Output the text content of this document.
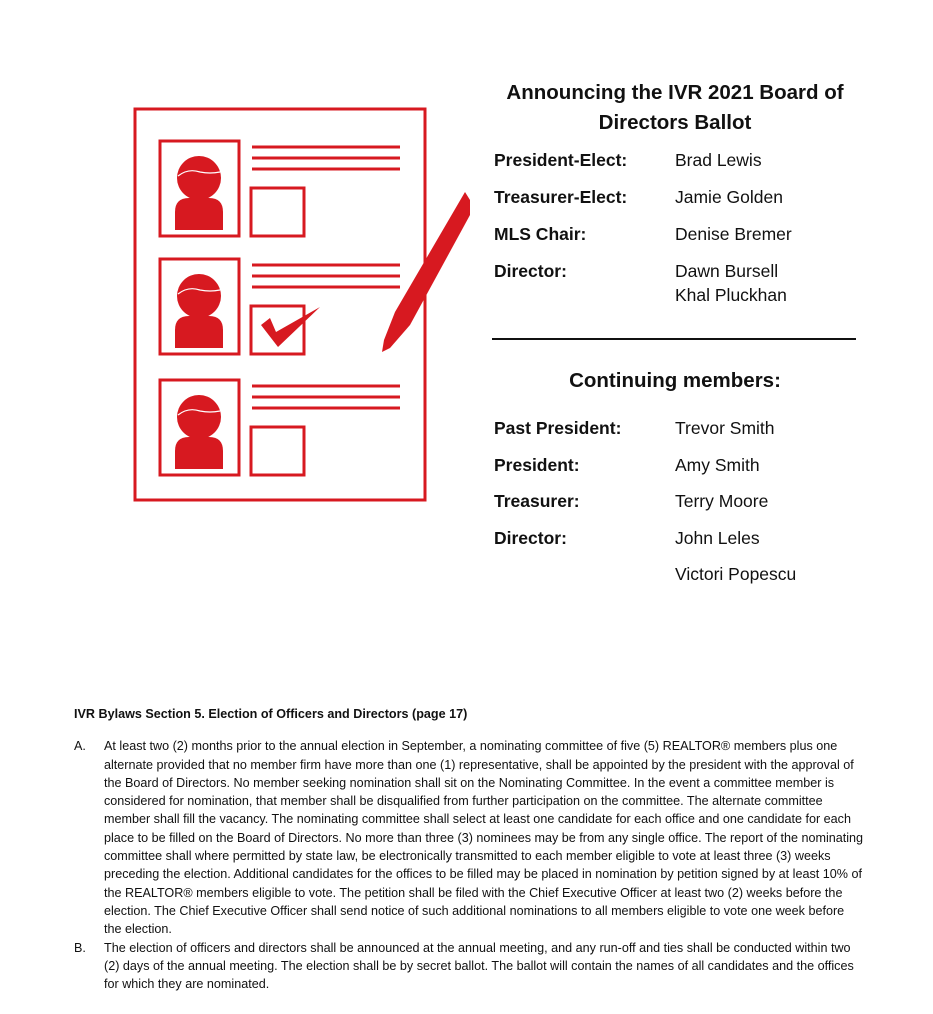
Announcing the IVR 2021 Board of Directors Ballot
President-Elect:	Brad Lewis
Treasurer-Elect:	Jamie Golden
MLS Chair:	Denise Bremer
Director:	Dawn Bursell
Khal Pluckhan
Continuing members:
Past President:	Trevor Smith
President:	Amy Smith
Treasurer:	Terry Moore
Director:	John Leles
Victori Popescu
IVR Bylaws Section 5. Election of Officers and Directors (page 17)
A.	At least two (2) months prior to the annual election in September, a nominating committee of five (5) REALTOR® members plus one alternate provided that no member firm have more than one (1) representative, shall be appointed by the president with the approval of the Board of Directors. No member seeking nomination shall sit on the Nominating Committee. In the event a committee member is considered for nomination, that member shall be disqualified from further participation on the committee. The alternate committee member shall fill the vacancy. The nominating committee shall select at least one candidate for each office and one candidate for each place to be filled on the Board of Directors. No more than three (3) nominees may be from any single office. The report of the nominating committee shall where permitted by state law, be electronically transmitted to each member eligible to vote at least three (3) weeks preceding the election. Additional candidates for the offices to be filled may be placed in nomination by petition signed by at least 10% of the REALTOR® members eligible to vote. The petition shall be filed with the Chief Executive Officer at least two (2) weeks before the election. The Chief Executive Officer shall send notice of such additional nominations to all members eligible to vote one week before the election.
B.	The election of officers and directors shall be announced at the annual meeting, and any run-off and ties shall be conducted within two (2) days of the annual meeting. The election shall be by secret ballot. The ballot will contain the names of all candidates and the offices for which they are nominated.
